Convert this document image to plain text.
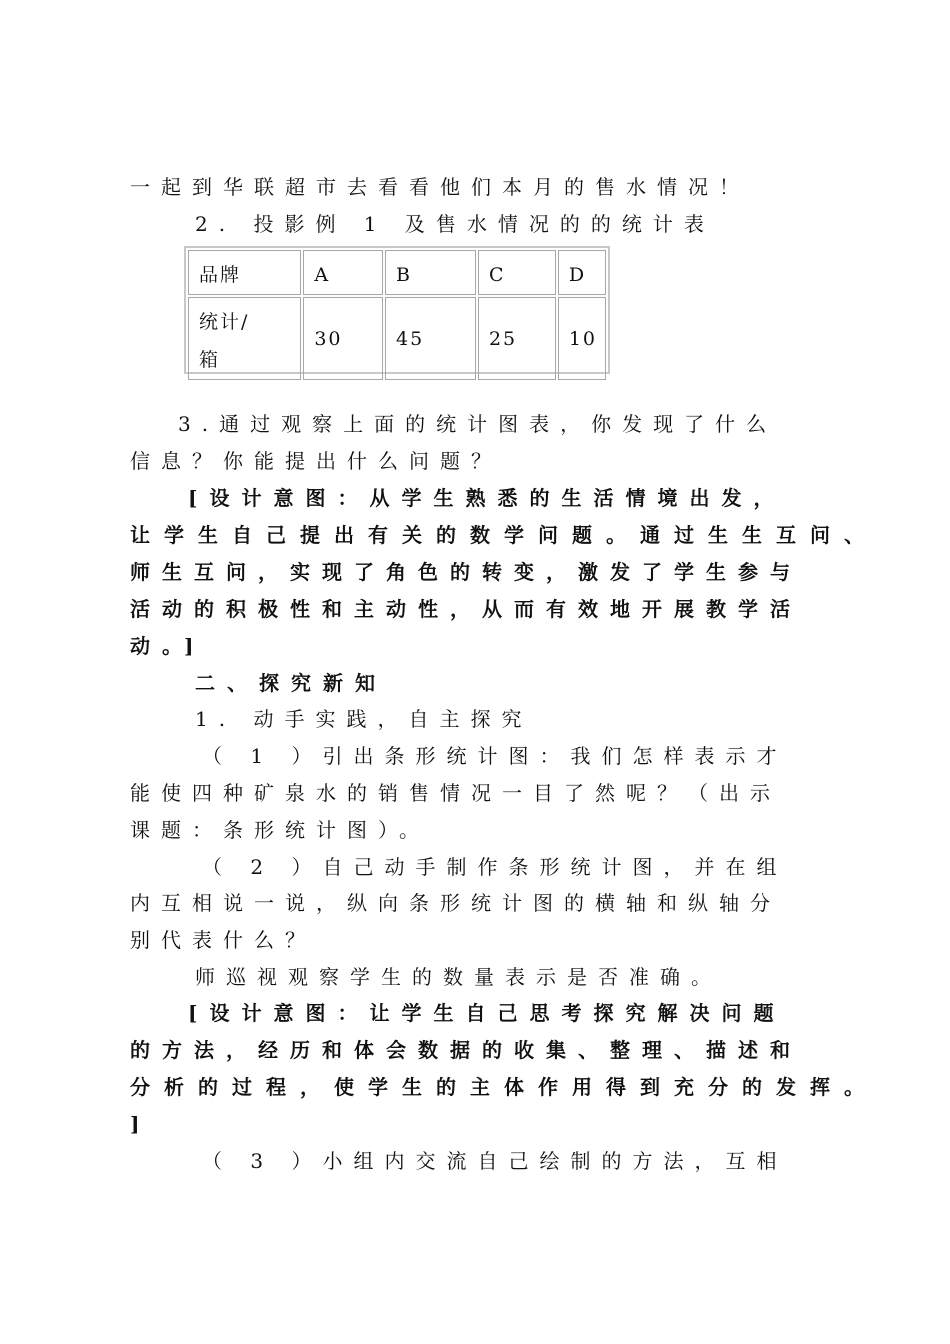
一起到华联超市去看看他们本月的售水情况！
2. 投影例 1 及售水情况的的统计表
品牌	A	B	C	D

统计/
箱	30	45	25	10
3.通过观察上面的统计图表，你发现了什么
信息？你能提出什么问题？
[设计意图：从学生熟悉的生活情境出发，
让学生自己提出有关的数学问题。通过生生互问、
师生互问，实现了角色的转变，激发了学生参与
活动的积极性和主动性，从而有效地开展教学活
动。]
二、探究新知
1. 动手实践，自主探究
（ 1 ）引出条形统计图：我们怎样表示才
能使四种矿泉水的销售情况一目了然呢？（出示
课题：条形统计图）。
（ 2 ）自己动手制作条形统计图，并在组
内互相说一说，纵向条形统计图的横轴和纵轴分
别代表什么？
师巡视观察学生的数量表示是否准确。
[设计意图：让学生自己思考探究解决问题
的方法，经历和体会数据的收集、整理、描述和
分析的过程，使学生的主体作用得到充分的发挥。
]
（ 3 ）小组内交流自己绘制的方法，互相
